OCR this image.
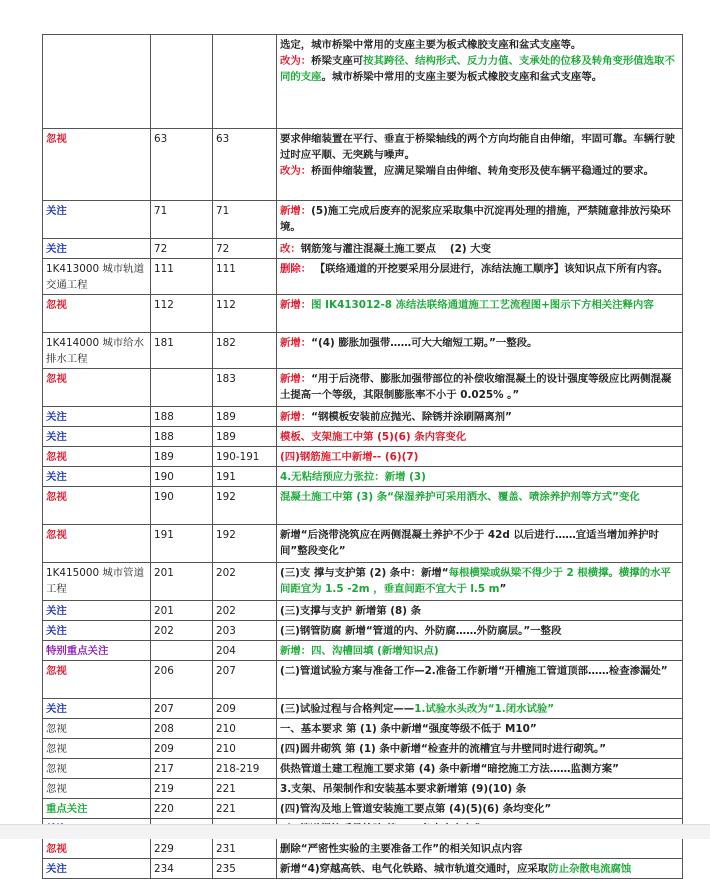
			选定，城市桥梁中常用的支座主要为板式橡胶支座和盆式支座等。
改为：桥梁支座可按其跨径、结构形式、反力力值、支承处的位移及转角变形值选取不同的支座。城市桥梁中常用的支座主要为板式橡胶支座和盆式支座等。
忽视	63	63	要求伸缩装置在平行、垂直于桥梁轴线的两个方向均能自由伸缩，牢固可靠。车辆行驶过时应平顺、无突跳与噪声。
改为：桥面伸缩装置，应满足梁端自由伸缩、转角变形及使车辆平稳通过的要求。
关注	71	71	新增：(5)施工完成后废弃的泥浆应采取集中沉淀再处理的措施，严禁随意排放污染环境。
关注	72	72	改：钢筋笼与灌注混凝土施工要点　 (2) 大变
1K413000 城市轨道交通工程	111	111	删除： 【联络通道的开挖要采用分层进行，冻结法施工顺序】该知识点下所有内容。
忽视	112	112	新增：图 IK413012-8 冻结法联络通道施工工艺流程图+图示下方相关注释内容
1K414000 城市给水排水工程	181	182	新增：“(4) 膨胀加强带……可大大缩短工期。”一整段。
忽视		183	新增：“用于后浇带、膨胀加强带部位的补偿收缩混凝土的设计强度等级应比两侧混凝土提高一个等级，其限制膨胀率不小于 0.025% 。”
关注	188	189	新增：“钢模板安装前应抛光、除锈并涂刷隔离剂”
关注	188	189	模板、支架施工中第 (5)(6) 条内容变化
忽视	189	190-191	(四)钢筋施工中新增-- (6)(7)
关注	190	191	4.无粘结预应力张拉：新增 (3)
忽视	190	192	混凝土施工中第 (3) 条“保湿养护可采用洒水、覆盖、喷涂养护剂等方式”变化
忽视	191	192	新增“后浇带浇筑应在两侧混凝土养护不少于 42d 以后进行……宜适当增加养护时间”整段变化”
1K415000 城市管道工程	201	202	(三)支 撑与支护第 (2) 条中：新增“每根横梁或纵梁不得少于 2 根横撑。横撑的水平间距宜为 1.5 -2m ，垂直间距不宜大于 l.5 m”
关注	201	202	(三)支撑与支护 新增第 (8) 条
关注	202	203	(三)钢管防腐 新增“管道的内、外防腐……外防腐层。”一整段
特别重点关注		204	新增：四、沟槽回填 (新增知识点)
忽视	206	207	(二)管道试验方案与准备工作—2.准备工作新增“开槽施工管道顶部……检查渗漏处”
关注	207	209	(三)试验过程与合格判定——1.试验水头改为“1.闭水试验”
忽视	208	210	一、基本要求 第 (1) 条中新增“强度等级不低于 M10”
忽视	209	210	(四)圆井砌筑 第 (1) 条中新增“检查井的流槽宜与井壁同时进行砌筑。”
忽视	217	218-219	供热管道土建工程施工要求第 (4) 条中新增“暗挖施工方法……监测方案”
忽视	219	221	3.支架、吊架制作和安装基本要求新增第 (9)(10) 条
重点关注	220	221	(四)管沟及地上管道安装施工要点第 (4)(5)(6) 条均变化”

忽视	229	231	删除“严密性实验的主要准备工作”的相关知识点内容
关注	234	235	新增“4)穿越高铁、电气化铁路、城市轨道交通时，应采取防止杂散电流腐蚀
